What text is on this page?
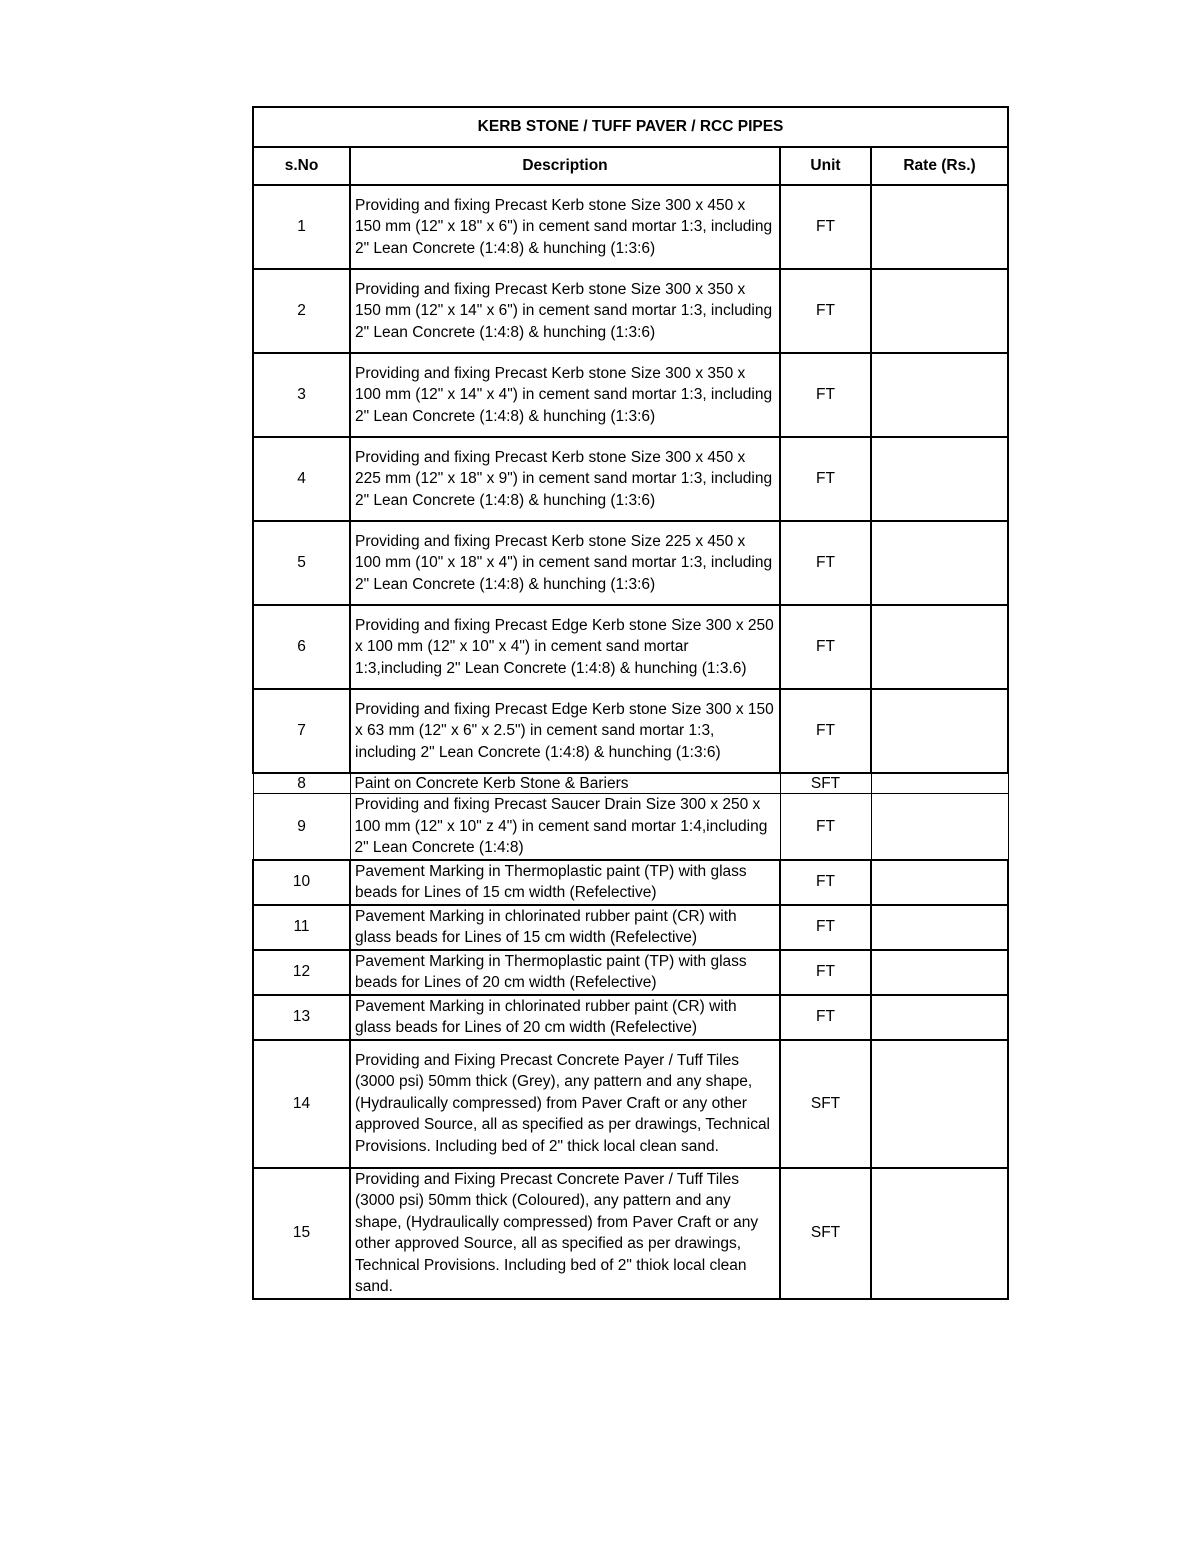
KERB STONE / TUFF PAVER / RCC PIPES			
s.No	Description	Unit	Rate (Rs.)
1	Providing and fixing Precast Kerb stone Size 300 x 450 x 150 mm (12" x 18" x 6") in cement sand mortar 1:3, including 2" Lean Concrete (1:4:8) & hunching (1:3:6)	FT	
2	Providing and fixing Precast Kerb stone Size 300 x 350 x 150 mm (12" x 14" x 6") in cement sand mortar 1:3, including 2" Lean Concrete (1:4:8) & hunching (1:3:6)	FT	
3	Providing and fixing Precast Kerb stone Size 300 x 350 x 100 mm (12" x 14" x 4") in cement sand mortar 1:3, including 2" Lean Concrete (1:4:8) & hunching (1:3:6)	FT	
4	Providing and fixing Precast Kerb stone Size 300 x 450 x 225 mm (12" x 18" x 9") in cement sand mortar 1:3, including 2" Lean Concrete (1:4:8) & hunching (1:3:6)	FT	
5	Providing and fixing Precast Kerb stone Size 225 x 450 x 100 mm (10" x 18" x 4") in cement sand mortar 1:3, including 2" Lean Concrete (1:4:8) & hunching (1:3:6)	FT	
6	Providing and fixing Precast Edge Kerb stone Size 300 x 250 x 100 mm (12" x 10" x 4") in cement sand mortar 1:3,including 2" Lean Concrete (1:4:8) & hunching (1:3.6)	FT	
7	Providing and fixing Precast Edge Kerb stone Size 300 x 150 x 63 mm (12" x 6" x 2.5") in cement sand mortar 1:3, including 2" Lean Concrete (1:4:8) & hunching (1:3:6)	FT	
8	Paint on Concrete Kerb Stone & Bariers	SFT	
9	Providing and fixing Precast Saucer Drain Size 300 x 250 x 100 mm (12" x 10" z 4") in cement sand mortar 1:4,including 2" Lean Concrete (1:4:8)	FT	
10	Pavement Marking in Thermoplastic paint (TP) with glass beads for Lines of 15 cm width (Refelective)	FT	
11	Pavement Marking in chlorinated rubber paint (CR) with glass beads for Lines of 15 cm width (Refelective)	FT	
12	Pavement Marking in Thermoplastic paint (TP) with glass beads for Lines of 20 cm width (Refelective)	FT	
13	Pavement Marking in chlorinated rubber paint (CR) with glass beads for Lines of 20 cm width (Refelective)	FT	
14	Providing and Fixing Precast Concrete Payer / Tuff Tiles (3000 psi) 50mm thick (Grey), any pattern and any shape, (Hydraulically compressed) from Paver Craft or any other approved Source, all as specified as per drawings, Technical Provisions. Including bed of 2" thick local clean sand.	SFT	
15	Providing and Fixing Precast Concrete Paver / Tuff Tiles (3000 psi) 50mm thick (Coloured), any pattern and any shape, (Hydraulically compressed) from Paver Craft or any other approved Source, all as specified as per drawings, Technical Provisions. Including bed of 2" thiok local clean sand.	SFT	
